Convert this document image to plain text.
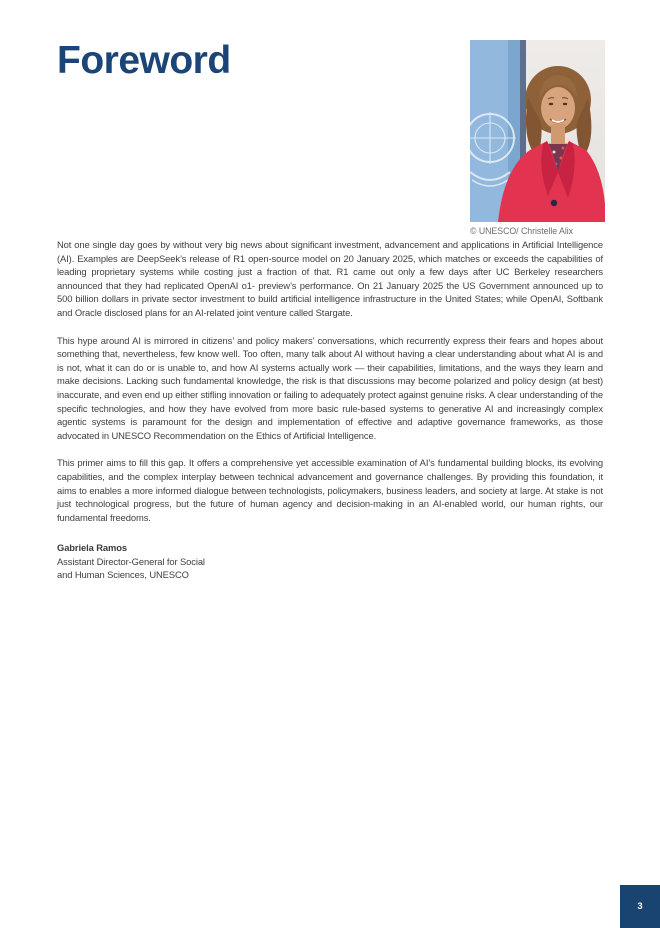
Foreword
© UNESCO/ Christelle Alix

Not one single day goes by without very big news about significant investment, advancement and applications in Artificial Intelligence (AI). Examples are DeepSeek’s release of R1 open-source model on 20 January 2025, which matches or exceeds the capabilities of leading proprietary systems while costing just a fraction of that. R1 came out only a few days after UC Berkeley researchers announced that they had replicated OpenAI o1- preview’s performance. On 21 January 2025 the US Government announced up to 500 billion dollars in private sector investment to build artificial intelligence infrastructure in the United States; while OpenAI, Softbank and Oracle disclosed plans for an AI-related joint venture called Stargate.

This hype around AI is mirrored in citizens’ and policy makers’ conversations, which recurrently express their fears and hopes about something that, nevertheless, few know well. Too often, many talk about AI without having a clear understanding about what AI is and is not, what it can do or is unable to, and how AI systems actually work — their capabilities, limitations, and the ways they learn and make decisions. Lacking such fundamental knowledge, the risk is that discussions may become polarized and policy design (at best) inaccurate, and even end up either stifling innovation or failing to adequately protect against genuine risks. A clear understanding of the specific technologies, and how they have evolved from more basic rule-based systems to generative AI and increasingly complex agentic systems is paramount for the design and implementation of effective and adaptive governance frameworks, as those advocated in UNESCO Recommendation on the Ethics of Artificial Intelligence.

This primer aims to fill this gap. It offers a comprehensive yet accessible examination of AI’s fundamental building blocks, its evolving capabilities, and the complex interplay between technical advancement and governance challenges. By providing this foundation, it aims to enables a more informed dialogue between technologists, policymakers, business leaders, and society at large. At stake is not just technological progress, but the future of human agency and decision-making in an AI-enabled world, our human rights, our fundamental freedoms.

Gabriela Ramos
Assistant Director-General for Social
and Human Sciences, UNESCO
3
